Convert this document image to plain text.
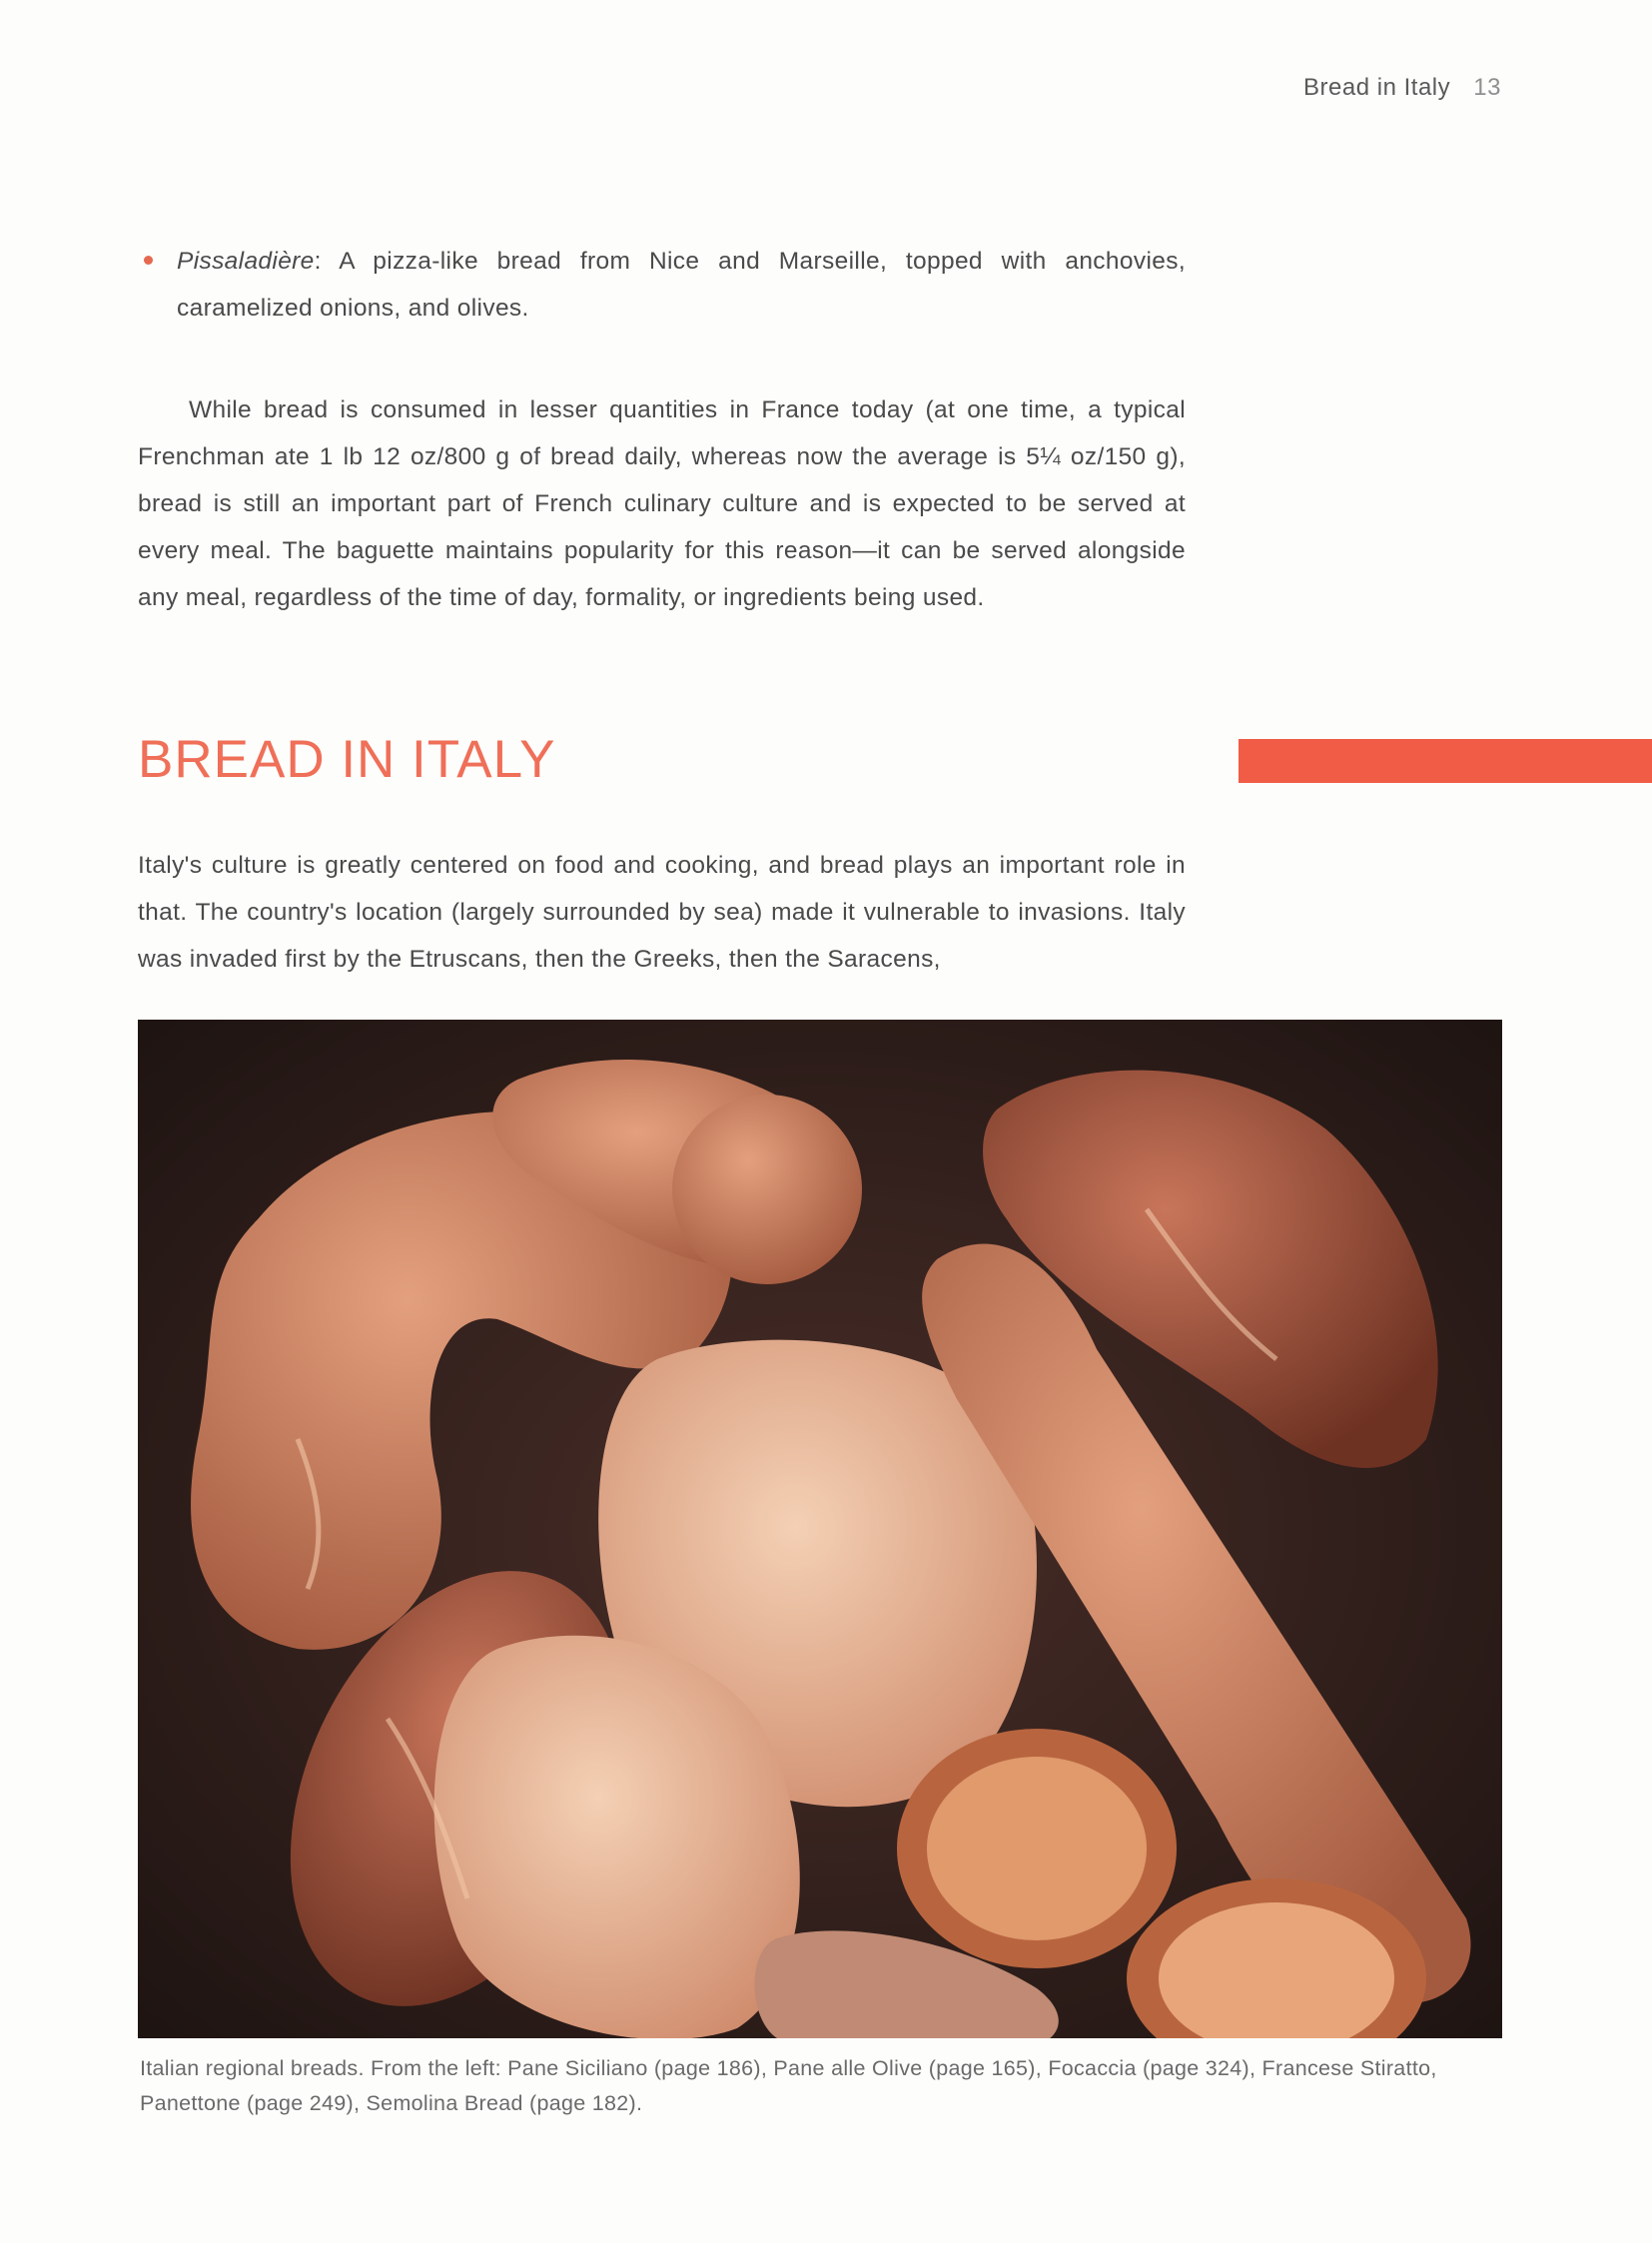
Bread in Italy 13
Pissaladière: A pizza-like bread from Nice and Marseille, topped with anchovies, caramelized onions, and olives.

While bread is consumed in lesser quantities in France today (at one time, a typical Frenchman ate 1 lb 12 oz/800 g of bread daily, whereas now the average is 5¼ oz/150 g), bread is still an important part of French culinary culture and is expected to be served at every meal. The baguette maintains popularity for this reason—it can be served alongside any meal, regardless of the time of day, formality, or ingredients being used.

BREAD IN ITALY

Italy's culture is greatly centered on food and cooking, and bread plays an important role in that. The country's location (largely surrounded by sea) made it vulnerable to invasions. Italy was invaded first by the Etruscans, then the Greeks, then the Saracens,

Italian regional breads. From the left: Pane Siciliano (page 186), Pane alle Olive (page 165), Focaccia (page 324), Francese Stiratto, Panettone (page 249), Semolina Bread (page 182).
